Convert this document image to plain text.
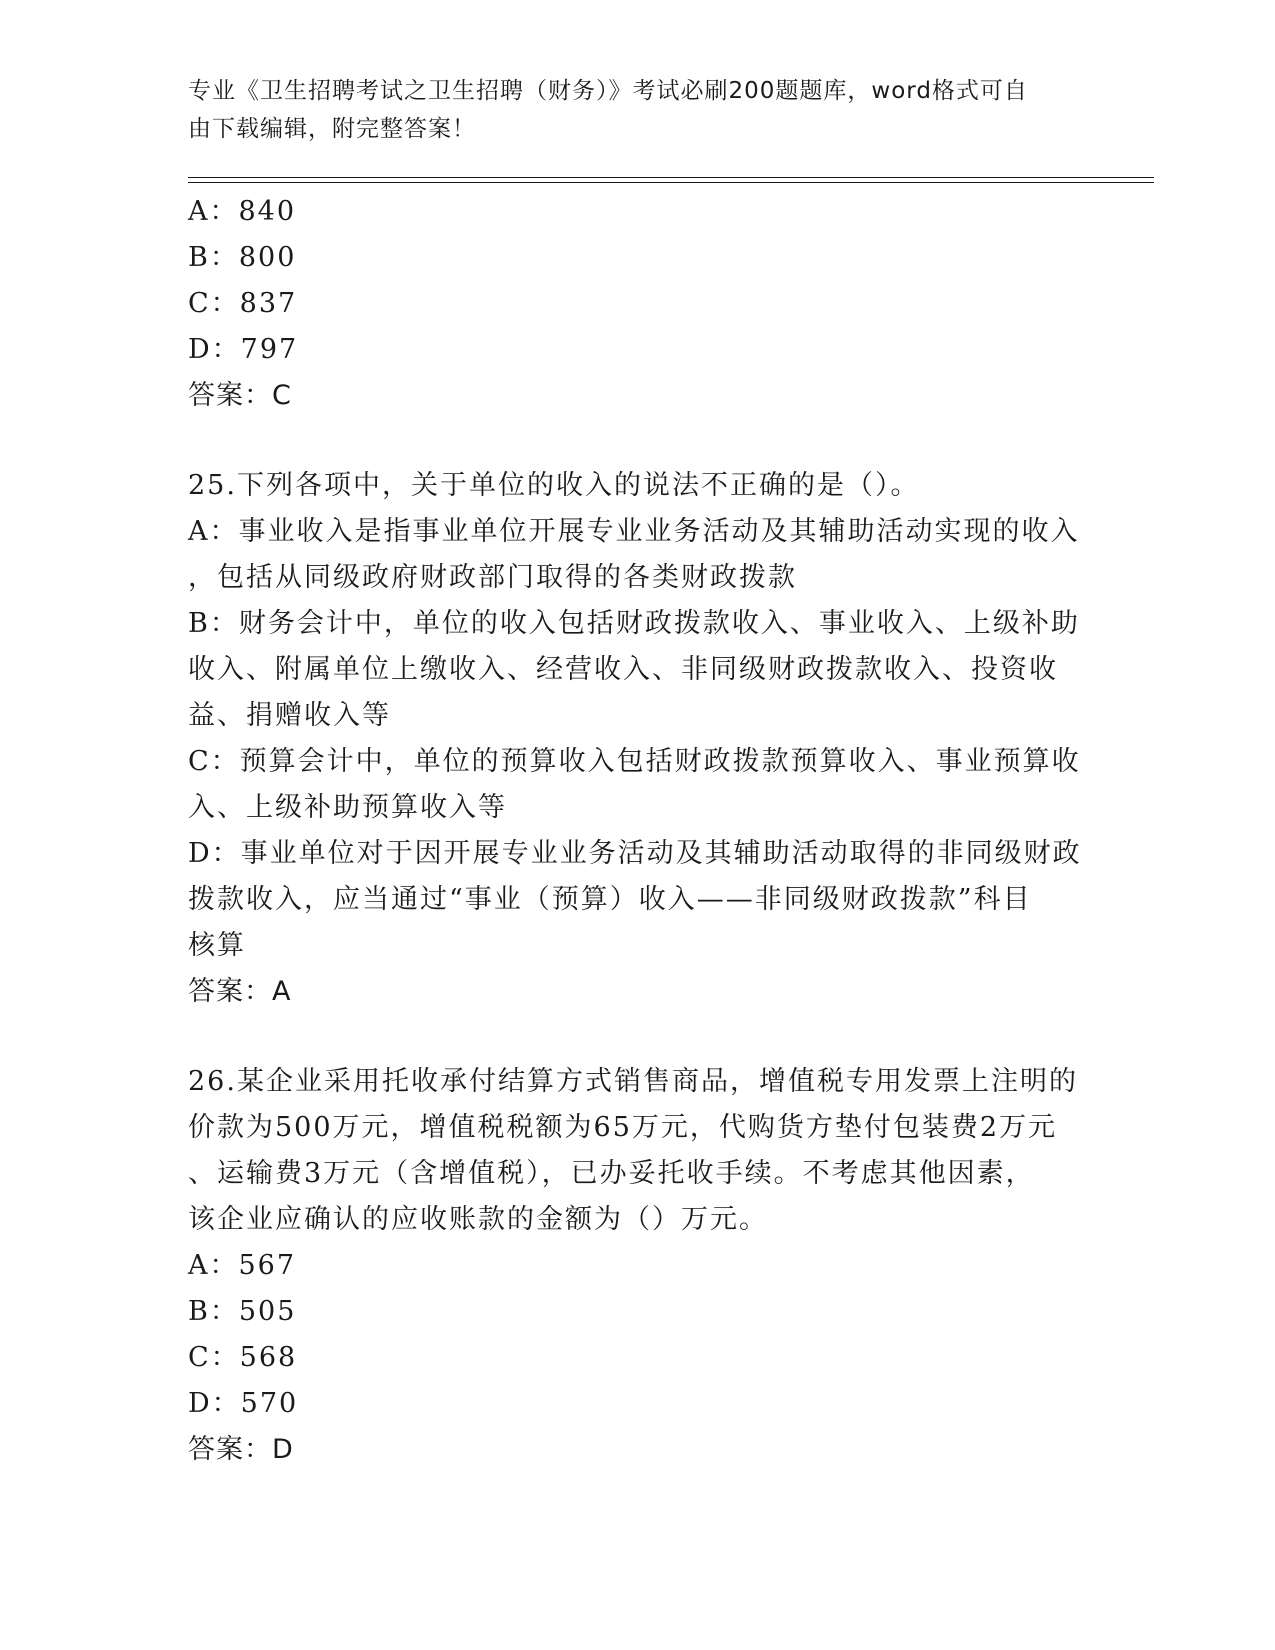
专业《卫生招聘考试之卫生招聘（财务）》考试必刷200题题库，word格式可自
由下载编辑，附完整答案！
A：840
B：800
C：837
D：797
答案：C
25.下列各项中，关于单位的收入的说法不正确的是（）。
A：事业收入是指事业单位开展专业业务活动及其辅助活动实现的收入
，包括从同级政府财政部门取得的各类财政拨款
B：财务会计中，单位的收入包括财政拨款收入、事业收入、上级补助
收入、附属单位上缴收入、经营收入、非同级财政拨款收入、投资收
益、捐赠收入等
C：预算会计中，单位的预算收入包括财政拨款预算收入、事业预算收
入、上级补助预算收入等
D：事业单位对于因开展专业业务活动及其辅助活动取得的非同级财政
拨款收入，应当通过“事业（预算）收入——非同级财政拨款”科目
核算
答案：A
26.某企业采用托收承付结算方式销售商品，增值税专用发票上注明的
价款为500万元，增值税税额为65万元，代购货方垫付包装费2万元
、运输费3万元（含增值税），已办妥托收手续。不考虑其他因素，
该企业应确认的应收账款的金额为（）万元。
A：567
B：505
C：568
D：570
答案：D
